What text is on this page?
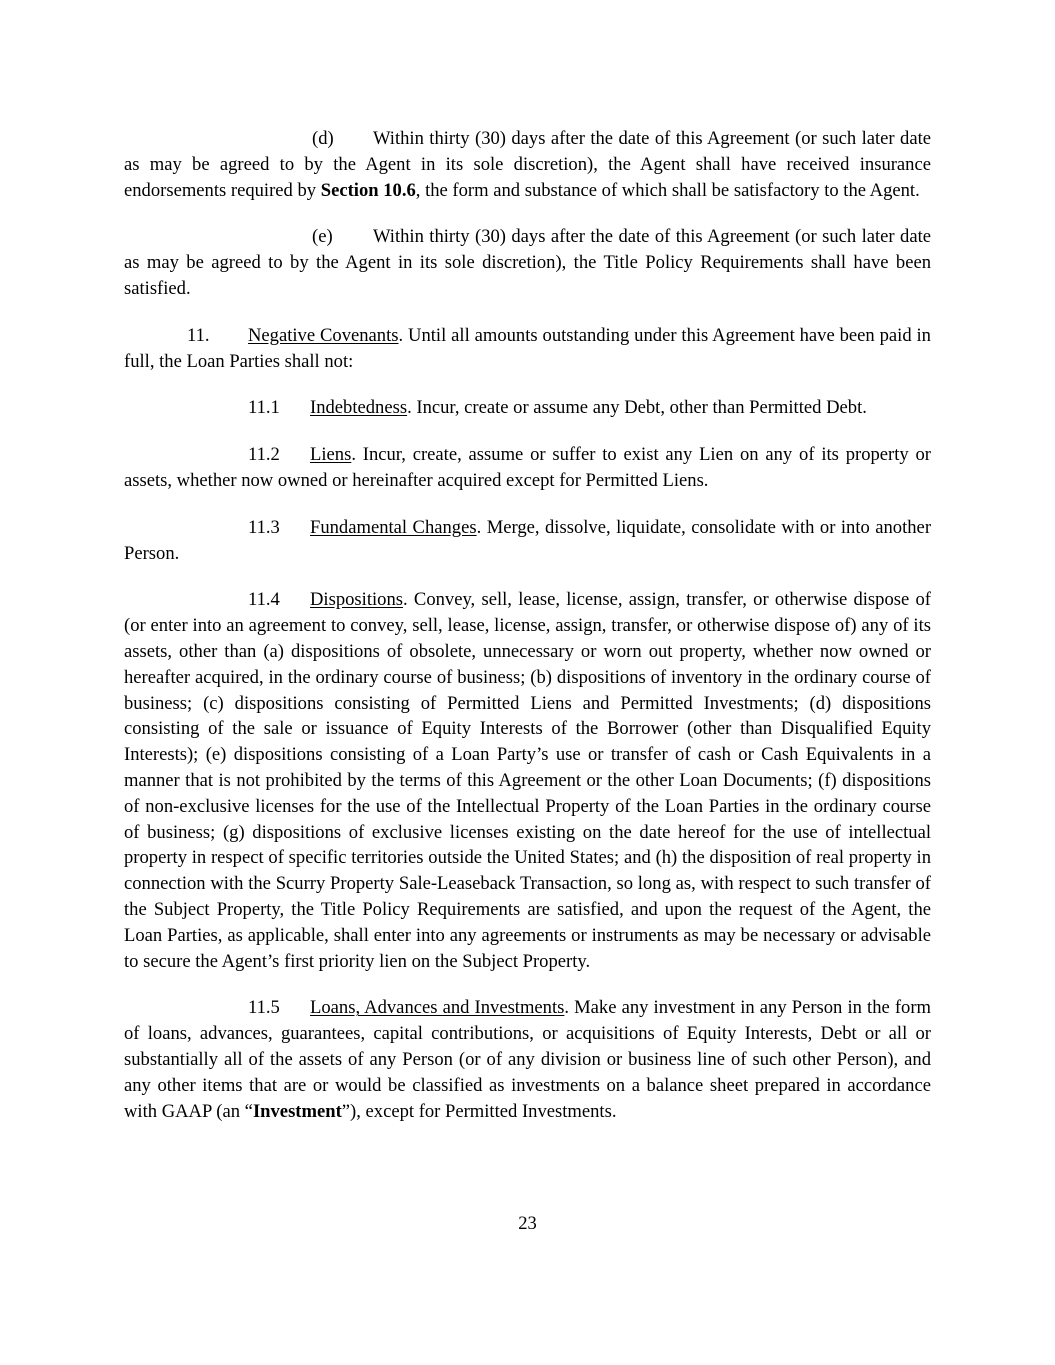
(d) Within thirty (30) days after the date of this Agreement (or such later date as may be agreed to by the Agent in its sole discretion), the Agent shall have received insurance endorsements required by Section 10.6, the form and substance of which shall be satisfactory to the Agent.

(e) Within thirty (30) days after the date of this Agreement (or such later date as may be agreed to by the Agent in its sole discretion), the Title Policy Requirements shall have been satisfied.

11. Negative Covenants. Until all amounts outstanding under this Agreement have been paid in full, the Loan Parties shall not:

11.1 Indebtedness. Incur, create or assume any Debt, other than Permitted Debt.

11.2 Liens. Incur, create, assume or suffer to exist any Lien on any of its property or assets, whether now owned or hereinafter acquired except for Permitted Liens.

11.3 Fundamental Changes. Merge, dissolve, liquidate, consolidate with or into another Person.

11.4 Dispositions. Convey, sell, lease, license, assign, transfer, or otherwise dispose of (or enter into an agreement to convey, sell, lease, license, assign, transfer, or otherwise dispose of) any of its assets, other than (a) dispositions of obsolete, unnecessary or worn out property, whether now owned or hereafter acquired, in the ordinary course of business; (b) dispositions of inventory in the ordinary course of business; (c) dispositions consisting of Permitted Liens and Permitted Investments; (d) dispositions consisting of the sale or issuance of Equity Interests of the Borrower (other than Disqualified Equity Interests); (e) dispositions consisting of a Loan Party’s use or transfer of cash or Cash Equivalents in a manner that is not prohibited by the terms of this Agreement or the other Loan Documents; (f) dispositions of non-exclusive licenses for the use of the Intellectual Property of the Loan Parties in the ordinary course of business; (g) dispositions of exclusive licenses existing on the date hereof for the use of intellectual property in respect of specific territories outside the United States; and (h) the disposition of real property in connection with the Scurry Property Sale-Leaseback Transaction, so long as, with respect to such transfer of the Subject Property, the Title Policy Requirements are satisfied, and upon the request of the Agent, the Loan Parties, as applicable, shall enter into any agreements or instruments as may be necessary or advisable to secure the Agent’s first priority lien on the Subject Property.

11.5 Loans, Advances and Investments. Make any investment in any Person in the form of loans, advances, guarantees, capital contributions, or acquisitions of Equity Interests, Debt or all or substantially all of the assets of any Person (or of any division or business line of such other Person), and any other items that are or would be classified as investments on a balance sheet prepared in accordance with GAAP (an “Investment”), except for Permitted Investments.

23
